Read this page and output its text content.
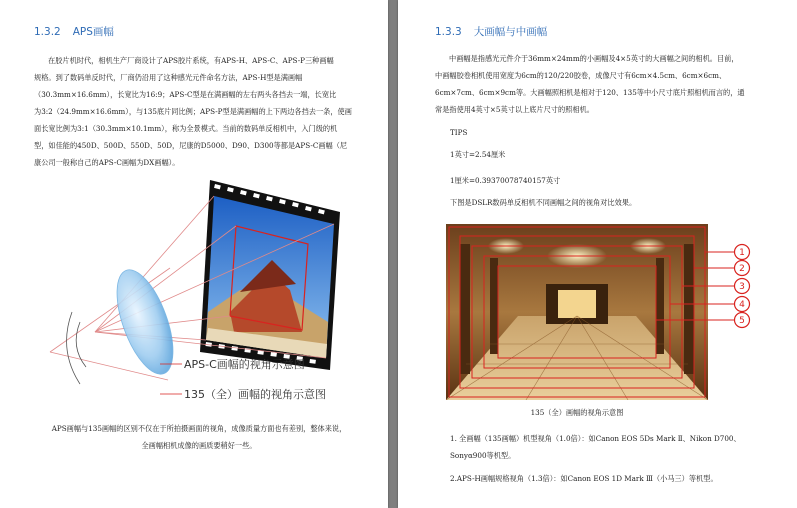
1.3.2 APS画幅
在胶片机时代，相机生产厂商设计了APS胶片系统，有APS-H、APS-C、APS-P三种画幅
规格。到了数码单反时代，厂商仍沿用了这种感光元件命名方法，APS-H型是满画幅
（30.3mm×16.6mm），长宽比为16:9；APS-C型是在满画幅的左右两头各挡去一端，长宽比
为3:2（24.9mm×16.6mm），与135底片同比例；APS-P型是满画幅的上下两边各挡去一条，使画
面长宽比例为3:1（30.3mm×10.1mm），称为全景模式。当前的数码单反相机中，入门级的机
型，如佳能的450D、500D、550D、50D，尼康的D5000、D90、D300等都是APS-C画幅（尼
康公司一般称自己的APS-C画幅为DX画幅）。
APS-C画幅的视角示意图
135（全）画幅的视角示意图
APS画幅与135画幅的区别不仅在于所拍摄画面的视角，成像质量方面也有差别，整体来说，
全画幅相机成像的画质要稍好一些。
1.3.3 大画幅与中画幅
中画幅是指感光元件介于36mm×24mm的小画幅及4×5英寸的大画幅之间的相机。目前，
中画幅胶卷相机使用宽度为6cm的120/220胶卷，成像尺寸有6cm×4.5cm、6cm×6cm、
6cm×7cm、6cm×9cm等。大画幅照相机是相对于120、135等中小尺寸底片照相机而言的，通
常是指使用4英寸×5英寸以上底片尺寸的照相机。
TIPS
1英寸=2.54厘米
1厘米=0.39370078740157英寸
下图是DSLR数码单反相机不同画幅之间的视角对比效果。
1
2
3
4
5
135（全）画幅的视角示意图
1. 全画幅（135画幅）机型视角（1.0倍）：如Canon EOS 5Ds Mark Ⅱ、Nikon D700、
Sonyα900等机型。
2.APS-H画幅规格视角（1.3倍）：如Canon EOS 1D Mark Ⅲ（小马三）等机型。
